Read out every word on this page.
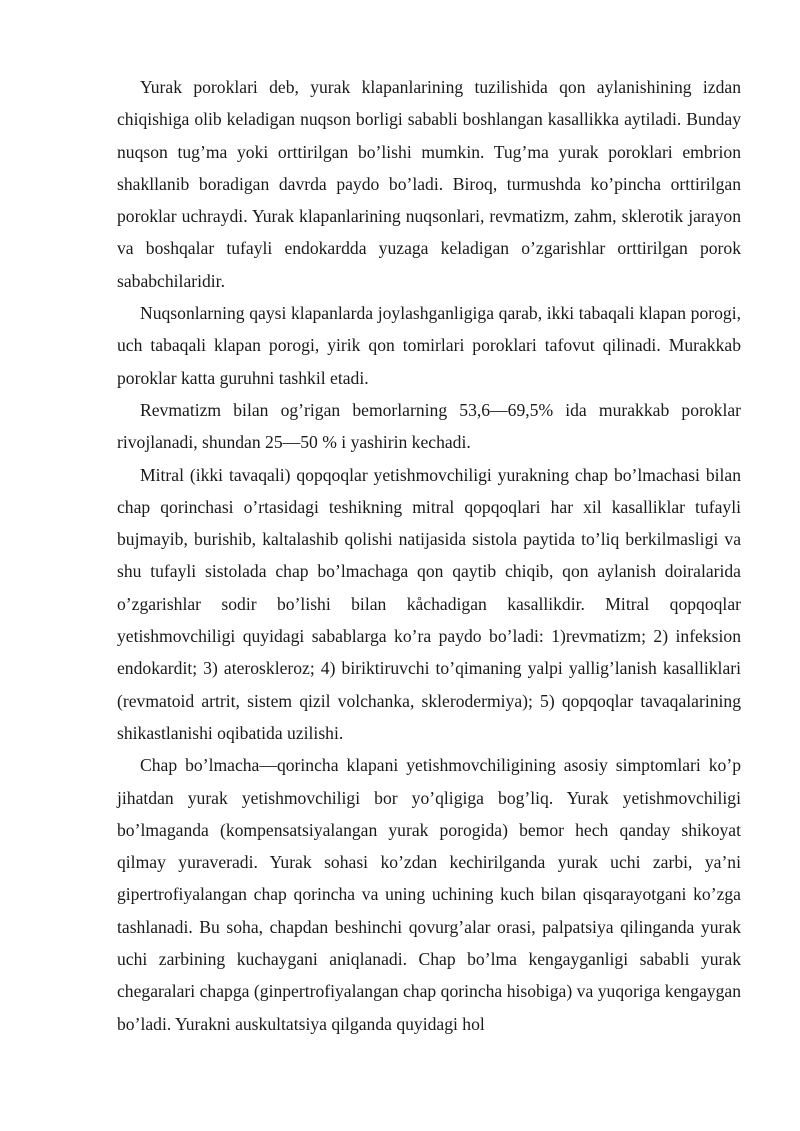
Yurak poroklari deb, yurak klapanlarining tuzilishida qon aylanishining izdan chiqishiga olib keladigan nuqson borligi sababli boshlangan kasallikka aytiladi. Bunday nuqson tug’ma yoki orttirilgan bo’lishi mumkin. Tug’ma yurak poroklari embrion shakllanib boradigan davrda paydo bo’ladi. Biroq, turmushda ko’pincha orttirilgan poroklar uchraydi. Yurak klapanlarining nuqsonlari, revmatizm, zahm, sklerotik jarayon va boshqalar tufayli endokardda yuzaga keladigan o’zgarishlar orttirilgan porok sababchilaridir.

Nuqsonlarning qaysi klapanlarda joylashganligiga qarab, ikki tabaqali klapan porogi, uch tabaqali klapan porogi, yirik qon tomirlari poroklari tafovut qilinadi. Murakkab poroklar katta guruhni tashkil etadi.

Revmatizm bilan og’rigan bemorlarning 53,6—69,5% ida murakkab poroklar rivojlanadi, shundan 25—50 % i yashirin kechadi.

Mitral (ikki tavaqali) qopqoqlar yetishmovchiligi yurakning chap bo’lmachasi bilan chap qorinchasi o’rtasidagi teshikning mitral qopqoqlari har xil kasalliklar tufayli bujmayib, burishib, kaltalashib qolishi natijasida sistola paytida to’liq berkilmasligi va shu tufayli sistolada chap bo’lmachaga qon qaytib chiqib, qon aylanish doiralarida o’zgarishlar sodir bo’lishi bilan kåchadigan kasallikdir. Mitral qopqoqlar yetishmovchiligi quyidagi sabablarga ko’ra paydo bo’ladi: 1)revmatizm; 2) infeksion endokardit; 3) ateroskleroz; 4) biriktiruvchi to’qimaning yalpi yallig’lanish kasalliklari (revmatoid artrit, sistem qizil volchanka, sklerodermiya); 5) qopqoqlar tavaqalarining shikastlanishi oqibatida uzilishi.

Chap bo’lmacha—qorincha klapani yetishmovchiligining asosiy simptomlari ko’p jihatdan yurak yetishmovchiligi bor yo’qligiga bog’liq. Yurak yetishmovchiligi bo’lmaganda (kompensatsiyalangan yurak porogida) bemor hech qanday shikoyat qilmay yuraveradi. Yurak sohasi ko’zdan kechirilganda yurak uchi zarbi, ya’ni gipertrofiyalangan chap qorincha va uning uchining kuch bilan qisqarayotgani ko’zga tashlanadi. Bu soha, chapdan beshinchi qovurg’alar orasi, palpatsiya qilinganda yurak uchi zarbining kuchaygani aniqlanadi. Chap bo’lma kengayganligi sababli yurak chegaralari chapga (ginpertrofiyalangan chap qorincha hisobiga) va yuqoriga kengaygan bo’ladi. Yurakni auskultatsiya qilganda quyidagi hol
